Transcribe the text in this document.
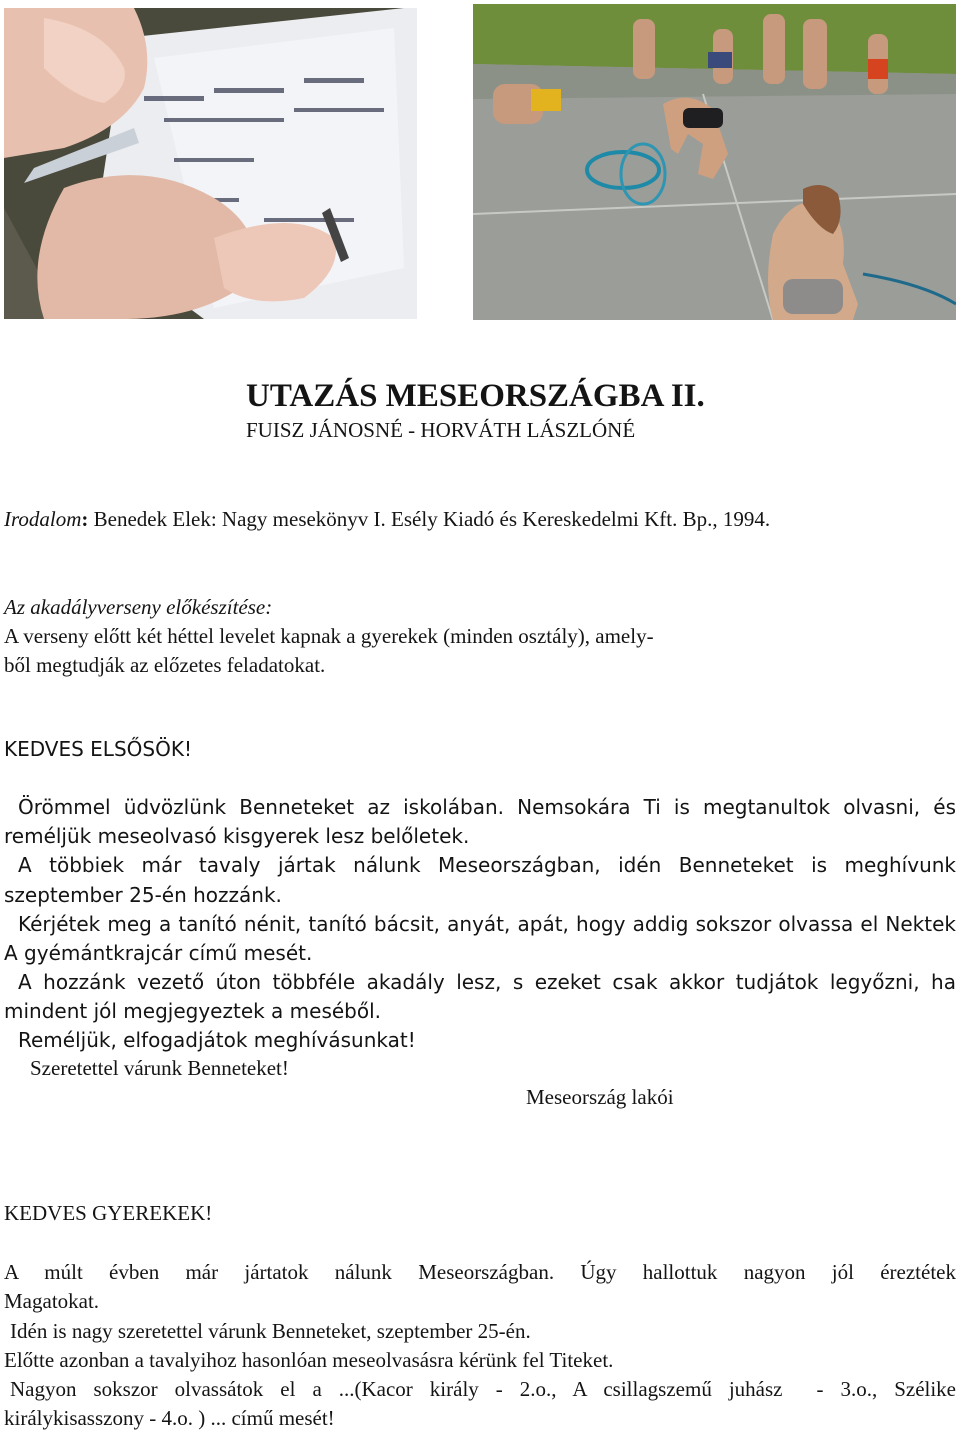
UTAZÁS MESEORSZÁGBA II.
FUISZ JÁNOSNÉ - HORVÁTH LÁSZLÓNÉ
Irodalom: Benedek Elek: Nagy mesekönyv I. Esély Kiadó és Kereskedelmi Kft. Bp., 1994.
Az akadályverseny előkészítése:
A verseny előtt két héttel levelet kapnak a gyerekek (minden osztály), amely-
ből megtudják az előzetes feladatokat.
KEDVES ELSŐSÖK!
Örömmel üdvözlünk Benneteket az iskolában. Nemsokára Ti is megtanultok olvasni, és
reméljük meseolvasó kisgyerek lesz belőletek.
A többiek már tavaly jártak nálunk Meseországban, idén Benneteket is meghívunk
szeptember 25-én hozzánk.
Kérjétek meg a tanító nénit, tanító bácsit, anyát, apát, hogy addig sokszor olvassa el Nektek
A gyémántkrajcár című mesét.
A hozzánk vezető úton többféle akadály lesz, s ezeket csak akkor tudjátok legyőzni, ha
mindent jól megjegyeztek a meséből.
Reméljük, elfogadjátok meghívásunkat!
Szeretettel várunk Benneteket!
Meseország lakói
KEDVES GYEREKEK!
A múlt évben már jártatok nálunk Meseországban. Úgy hallottuk nagyon jól éreztétek
Magatokat.
Idén is nagy szeretettel várunk Benneteket, szeptember 25-én.
Előtte azonban a tavalyihoz hasonlóan meseolvasásra kérünk fel Titeket.
Nagyon sokszor olvassátok el a ...(Kacor király - 2.o., A csillagszemű juhász  - 3.o., Szélike
királykisasszony - 4.o. ) ... című mesét!
